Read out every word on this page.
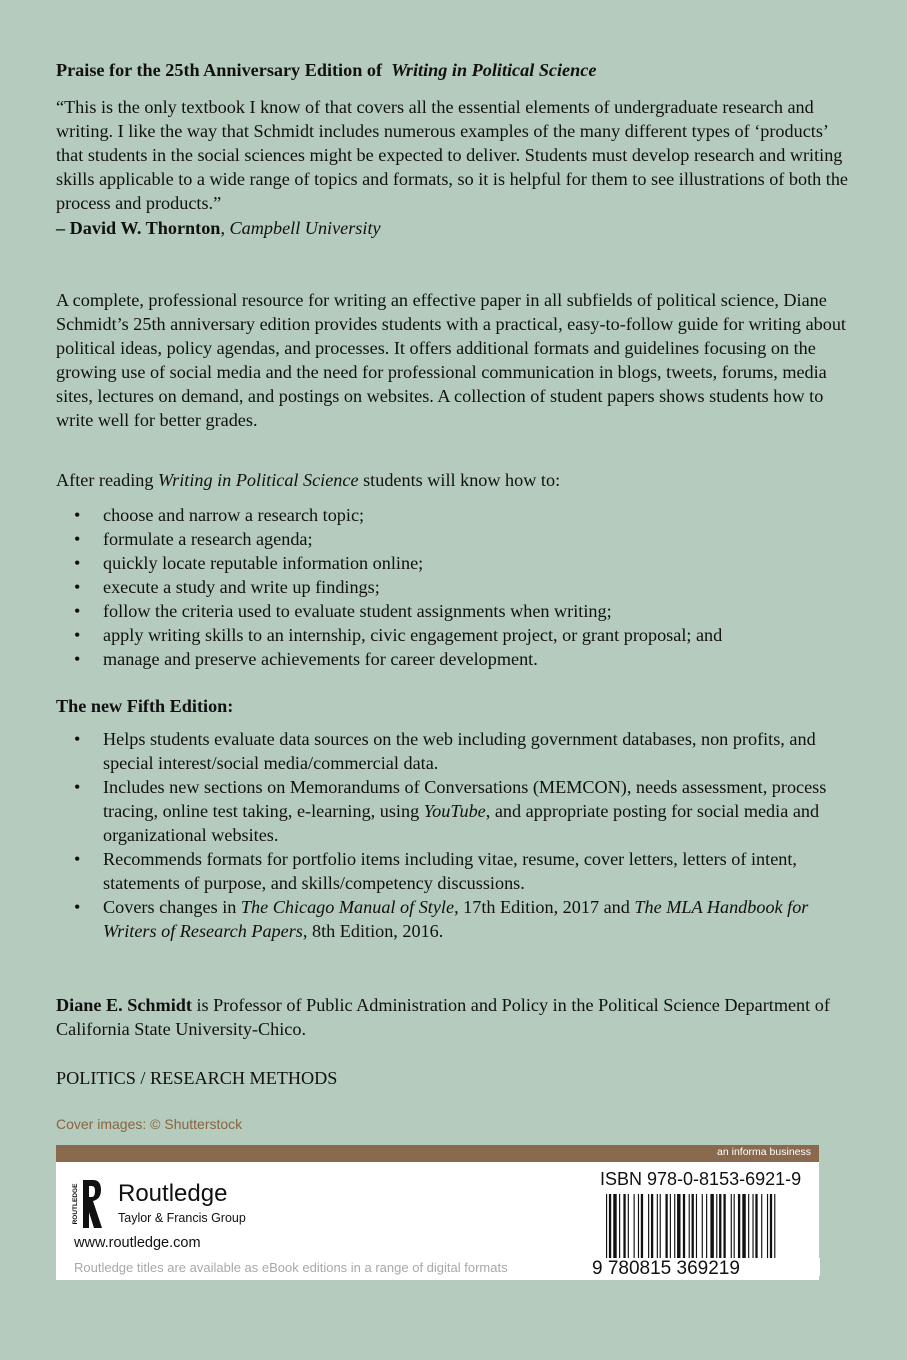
Praise for the 25th Anniversary Edition of Writing in Political Science
“This is the only textbook I know of that covers all the essential elements of undergraduate research and writing. I like the way that Schmidt includes numerous examples of the many different types of ‘products’ that students in the social sciences might be expected to deliver. Students must develop research and writing skills applicable to a wide range of topics and formats, so it is helpful for them to see illustrations of both the process and products.”
– David W. Thornton, Campbell University
A complete, professional resource for writing an effective paper in all subfields of political science, Diane Schmidt’s 25th anniversary edition provides students with a practical, easy-to-follow guide for writing about political ideas, policy agendas, and processes. It offers additional formats and guidelines focusing on the growing use of social media and the need for professional communication in blogs, tweets, forums, media sites, lectures on demand, and postings on websites. A collection of student papers shows students how to write well for better grades.
After reading Writing in Political Science students will know how to:
• choose and narrow a research topic;
• formulate a research agenda;
• quickly locate reputable information online;
• execute a study and write up findings;
• follow the criteria used to evaluate student assignments when writing;
• apply writing skills to an internship, civic engagement project, or grant proposal; and
• manage and preserve achievements for career development.
The new Fifth Edition:
• Helps students evaluate data sources on the web including government databases, non profits, and special interest/social media/commercial data.
• Includes new sections on Memorandums of Conversations (MEMCON), needs assessment, process tracing, online test taking, e-learning, using YouTube, and appropriate posting for social media and organizational websites.
• Recommends formats for portfolio items including vitae, resume, cover letters, letters of intent, statements of purpose, and skills/competency discussions.
• Covers changes in The Chicago Manual of Style, 17th Edition, 2017 and The MLA Handbook for Writers of Research Papers, 8th Edition, 2016.
Diane E. Schmidt is Professor of Public Administration and Policy in the Political Science Department of California State University-Chico.
POLITICS / RESEARCH METHODS
Cover images: © Shutterstock
an informa business
ROUTLEDGE Routledge
Taylor & Francis Group
www.routledge.com
Routledge titles are available as eBook editions in a range of digital formats
ISBN 978-0-8153-6921-9
9 780815 369219
